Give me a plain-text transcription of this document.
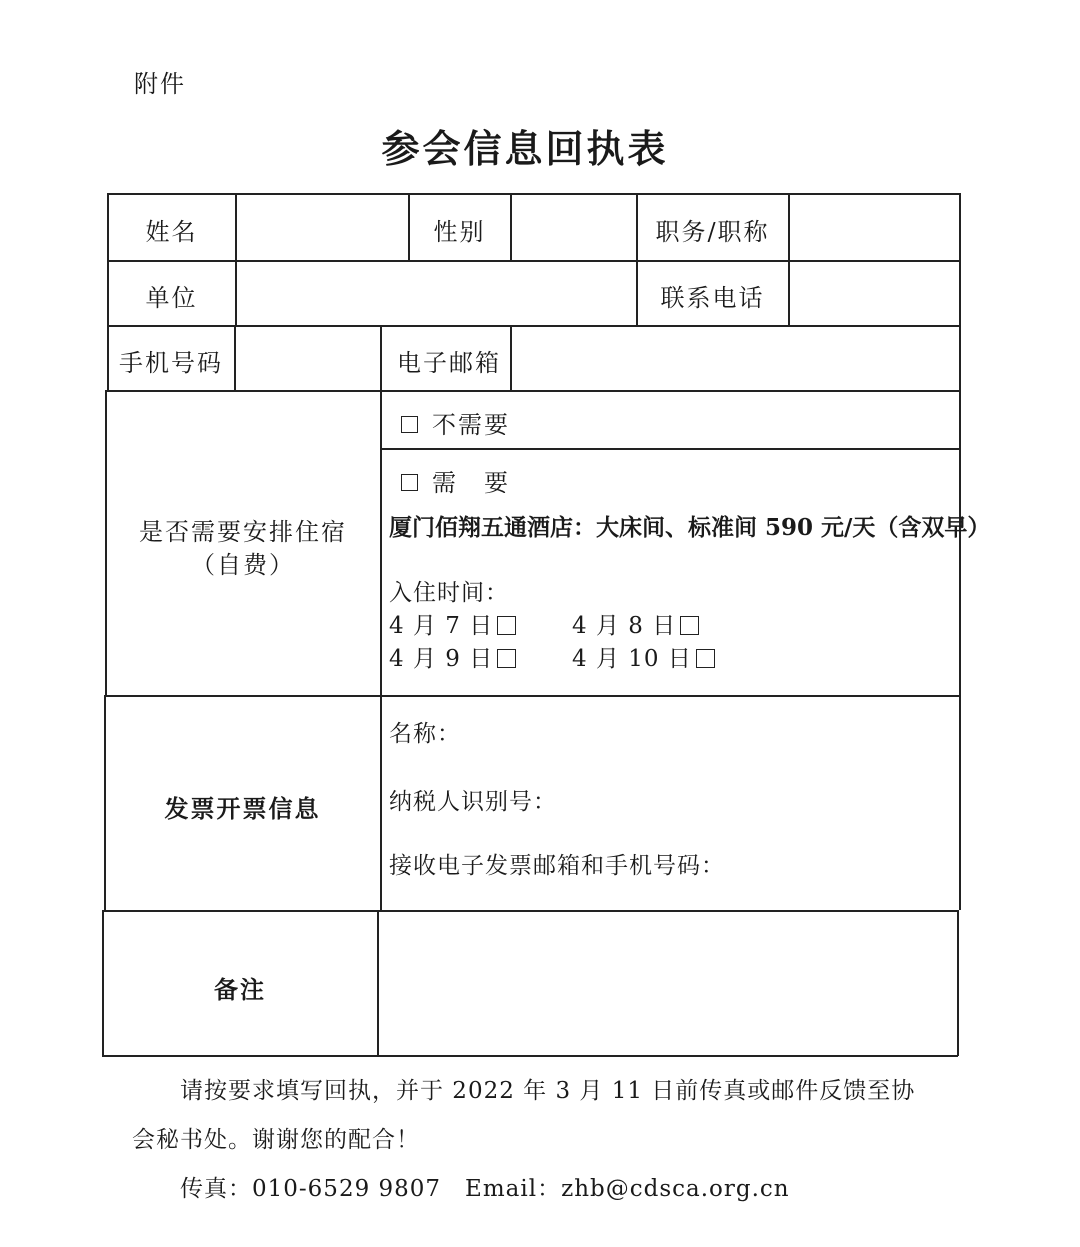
附件
参会信息回执表
姓名	性别	职务/职称
单位	联系电话
手机号码	电子邮箱
是否需要安排住宿
（自费）
不需要
需　要
厦门佰翔五通酒店：大床间、标准间 590 元/天（含双早）
入住时间：
4 月 7 日	4 月 8 日
4 月 9 日	4 月 10 日
发票开票信息
名称：
纳税人识别号：
接收电子发票邮箱和手机号码：
备注
请按要求填写回执，并于 2022 年 3 月 11 日前传真或邮件反馈至协
会秘书处。谢谢您的配合！
传真：010-6529 9807　Email：zhb@cdsca.org.cn
